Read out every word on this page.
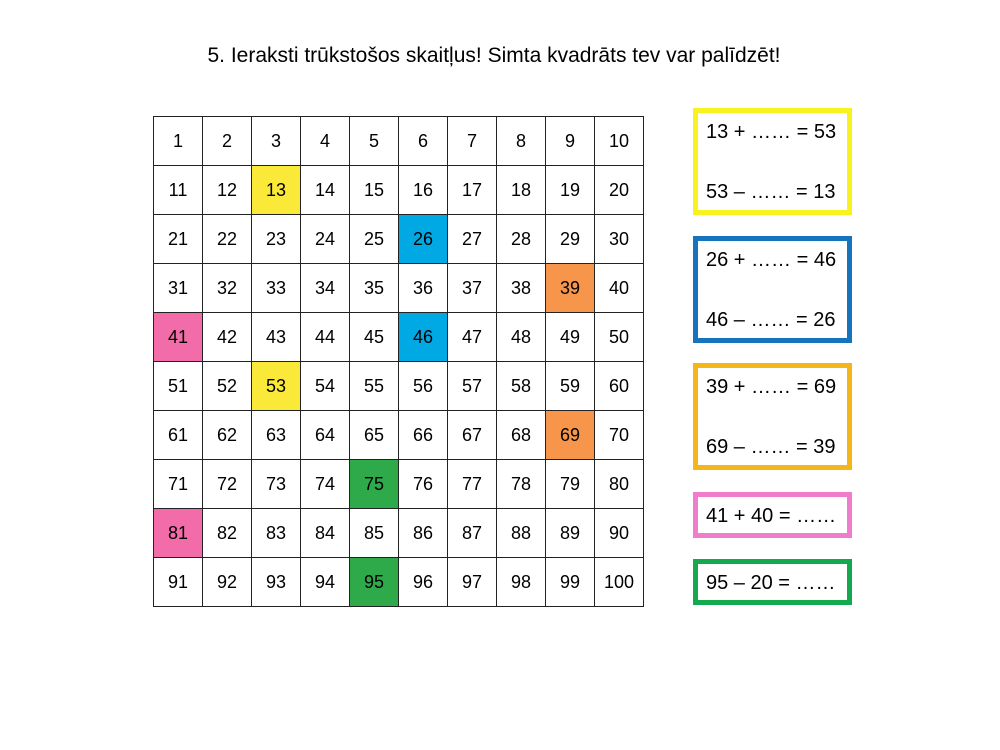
5. Ieraksti trūkstošos skaitļus! Simta kvadrāts tev var palīdzēt!
1	2	3	4	5	6	7	8	9	10
11	12	13	14	15	16	17	18	19	20
21	22	23	24	25	26	27	28	29	30
31	32	33	34	35	36	37	38	39	40
41	42	43	44	45	46	47	48	49	50
51	52	53	54	55	56	57	58	59	60
61	62	63	64	65	66	67	68	69	70
71	72	73	74	75	76	77	78	79	80
81	82	83	84	85	86	87	88	89	90
91	92	93	94	95	96	97	98	99	100
13 + …… = 53
53 – …… = 13
26 + …… = 46
46 – …… = 26
39 + …… = 69
69 – …… = 39
41 + 40 = ……
95 – 20 = ……
